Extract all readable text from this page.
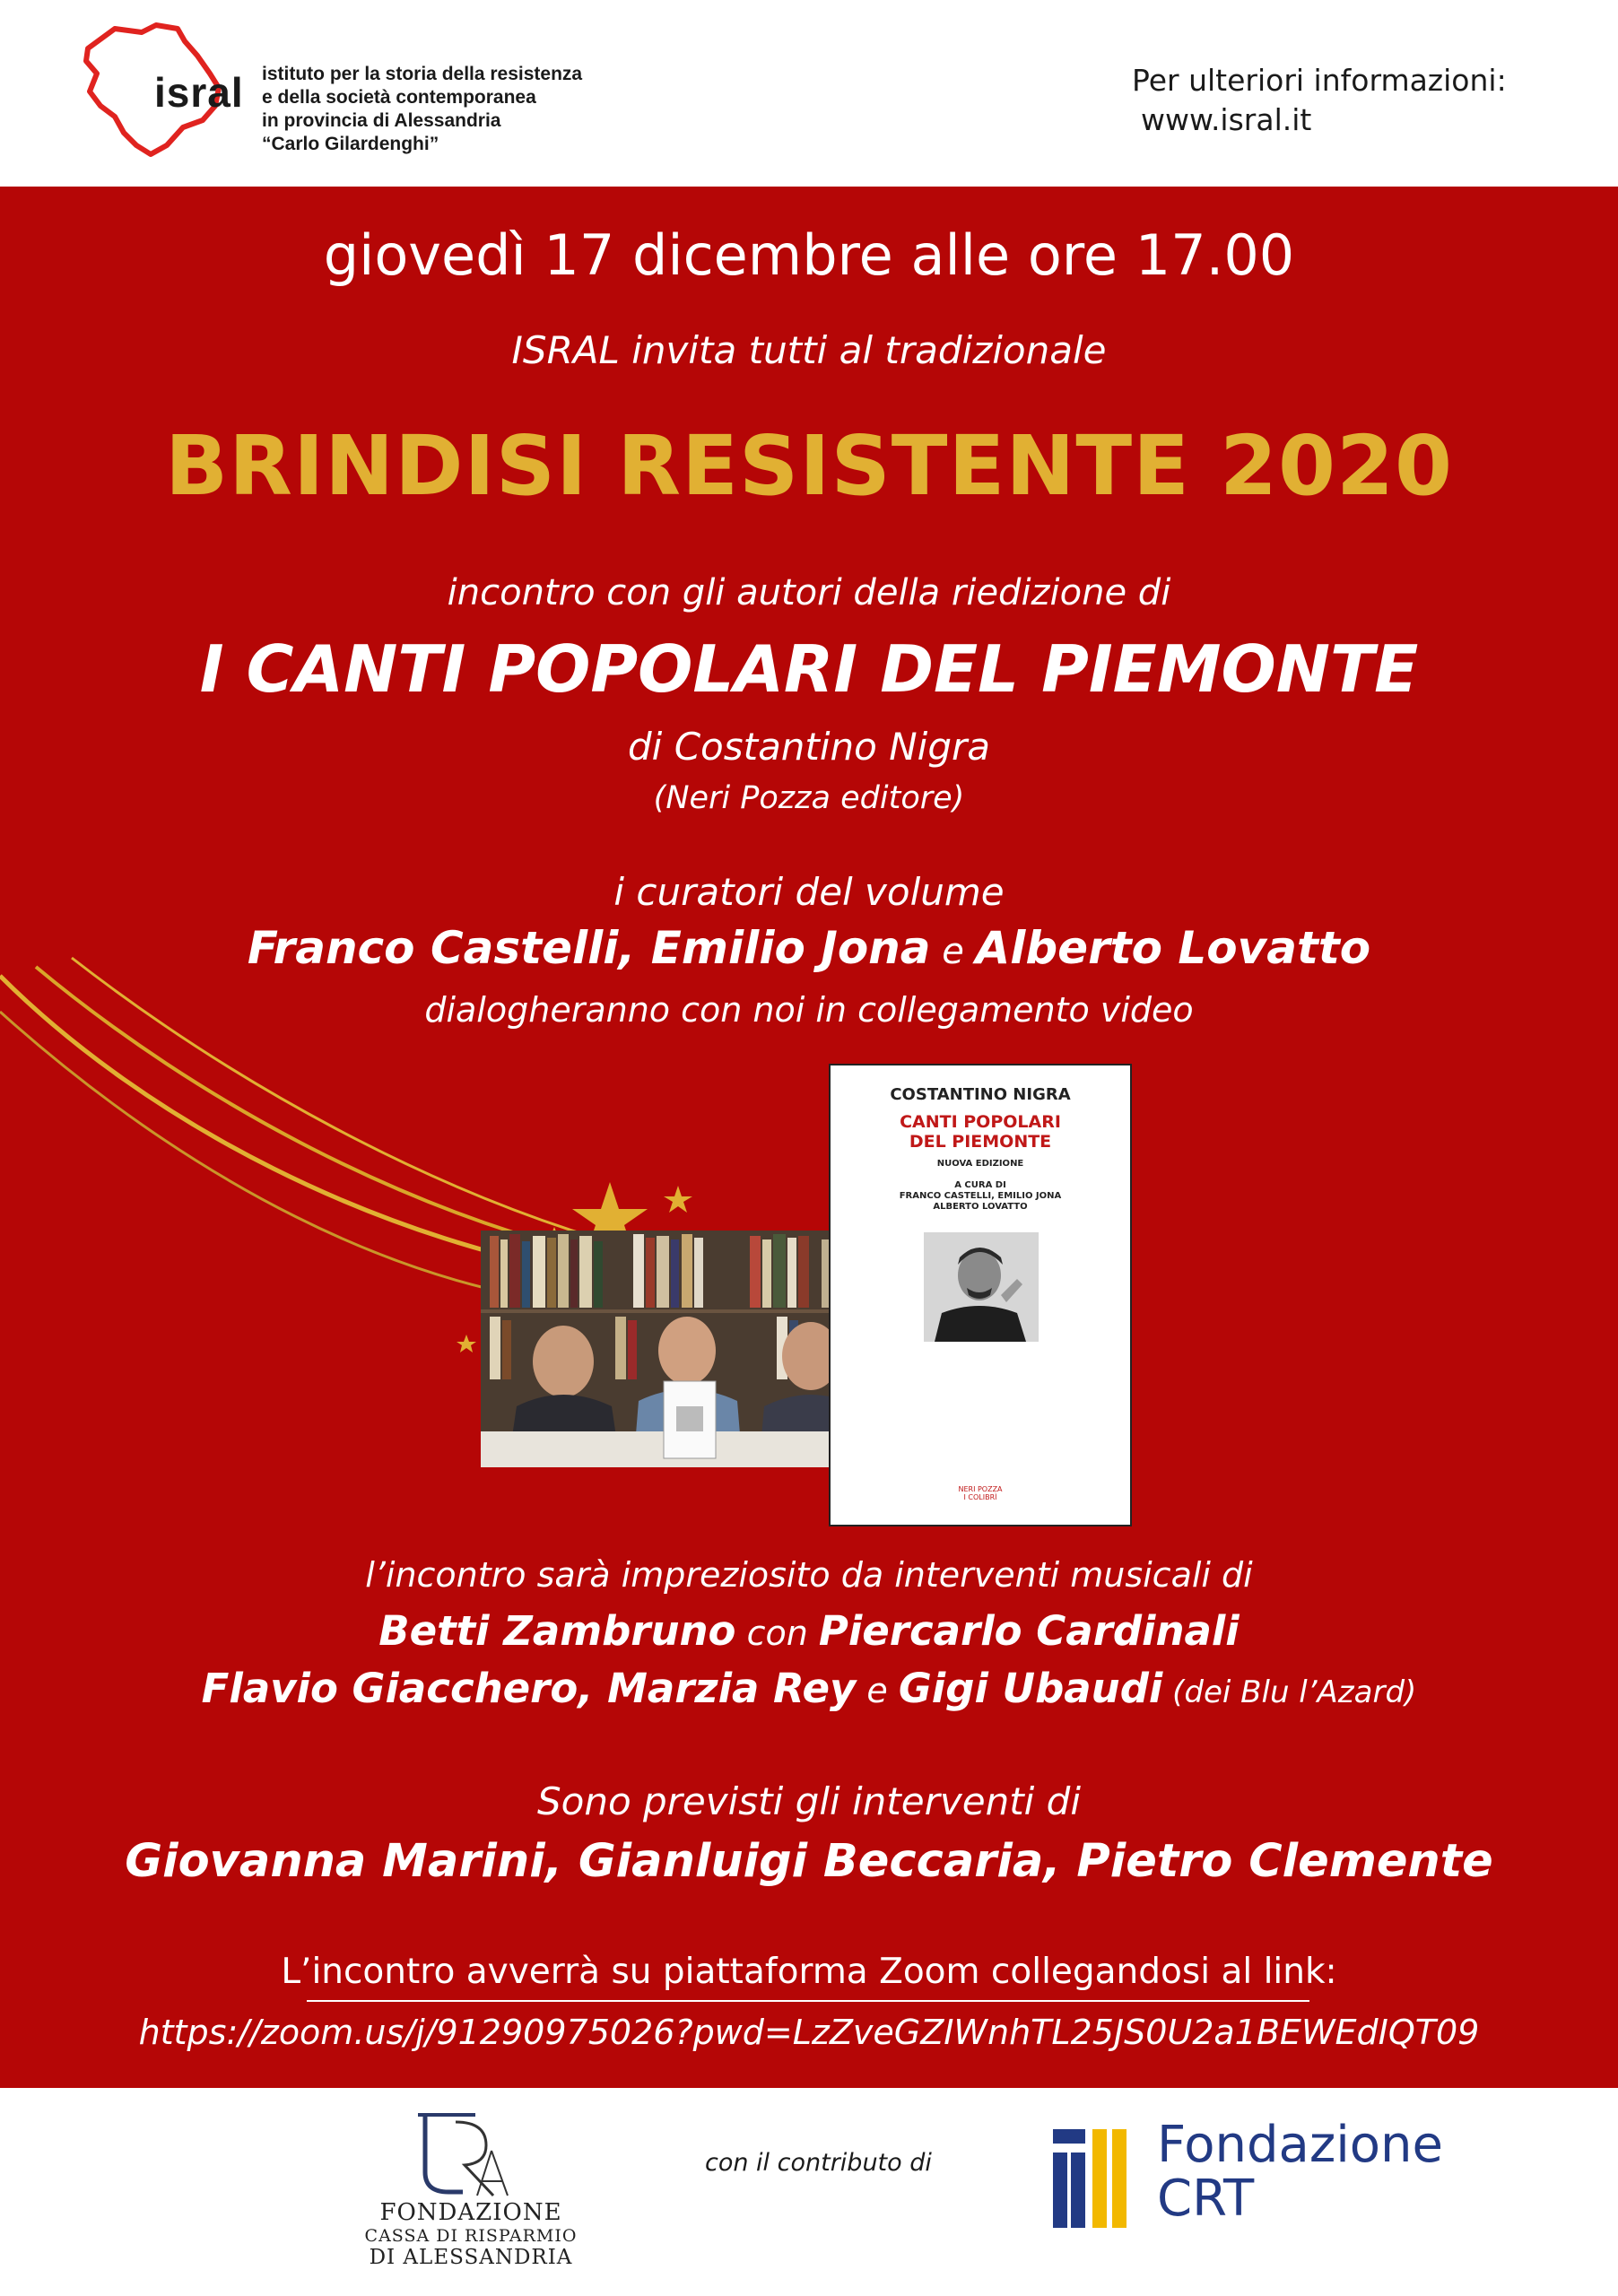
isral istituto per la storia della resistenza
e della società contemporanea
in provincia di Alessandria
“Carlo Gilardenghi”
Per ulteriori informazioni:
www.isral.it
giovedì 17 dicembre alle ore 17.00
ISRAL invita tutti al tradizionale
BRINDISI RESISTENTE 2020
incontro con gli autori della riedizione di
I CANTI POPOLARI DEL PIEMONTE
di Costantino Nigra
(Neri Pozza editore)
i curatori del volume
Franco Castelli, Emilio Jona e Alberto Lovatto
dialogheranno con noi in collegamento video
COSTANTINO NIGRA
CANTI POPOLARI
DEL PIEMONTE
NUOVA EDIZIONE
A CURA DI
FRANCO CASTELLI, EMILIO JONA
ALBERTO LOVATTO
NERI POZZA
I COLIBRÌ
l’incontro sarà impreziosito da interventi musicali di
Betti Zambruno con Piercarlo Cardinali
Flavio Giacchero, Marzia Rey e Gigi Ubaudi (dei Blu l’Azard)
Sono previsti gli interventi di
Giovanna Marini, Gianluigi Beccaria, Pietro Clemente
L’incontro avverrà su piattaforma Zoom collegandosi al link:
https://zoom.us/j/91290975026?pwd=LzZveGZIWnhTL25JS0U2a1BEWEdIQT09
FONDAZIONE
CASSA DI RISPARMIO
DI ALESSANDRIA
con il contributo di	Fondazione
CRT
